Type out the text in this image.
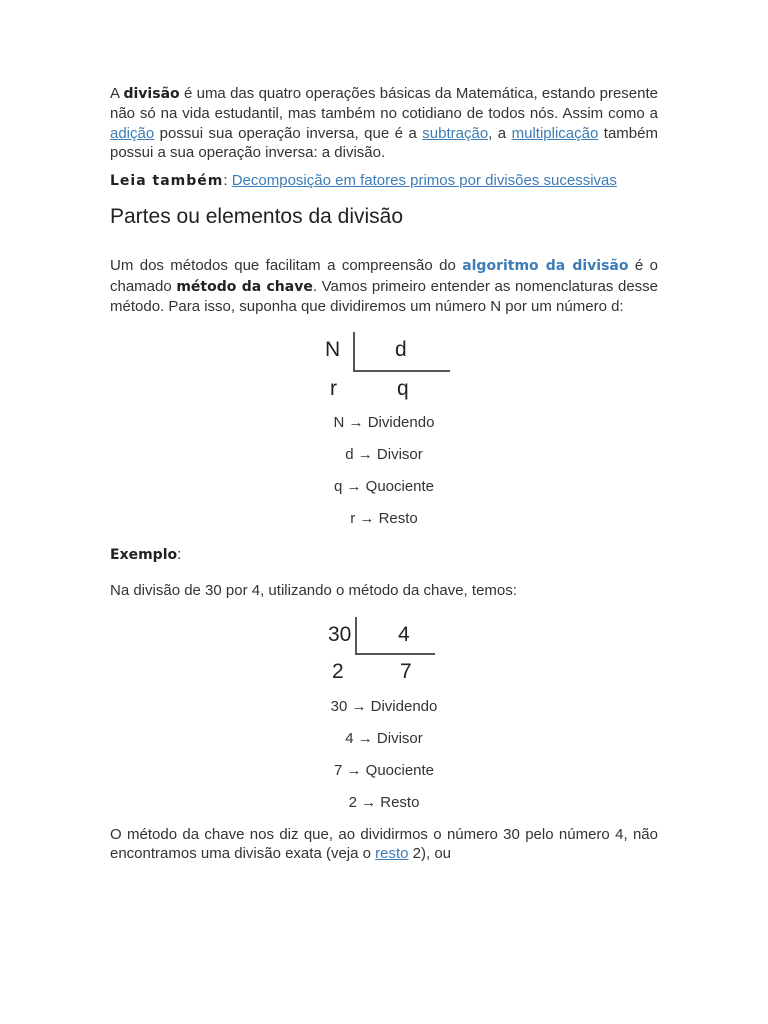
A divisão é uma das quatro operações básicas da Matemática, estando presente não só na vida estudantil, mas também no cotidiano de todos nós. Assim como a adição possui sua operação inversa, que é a subtração, a multiplicação também possui a sua operação inversa: a divisão.

Leia também: Decomposição em fatores primos por divisões sucessivas

Partes ou elementos da divisão

Um dos métodos que facilitam a compreensão do algoritmo da divisão é o chamado método da chave. Vamos primeiro entender as nomenclaturas desse método. Para isso, suponha que dividiremos um número N por um número d:

N	d
r	q

N → Dividendo

d → Divisor

q → Quociente

r → Resto

Exemplo:

Na divisão de 30 por 4, utilizando o método da chave, temos:

30 4
2	7

30 → Dividendo

4 → Divisor

7 → Quociente

2 → Resto

O método da chave nos diz que, ao dividirmos o número 30 pelo número 4, não encontramos uma divisão exata (veja o resto 2), ou
